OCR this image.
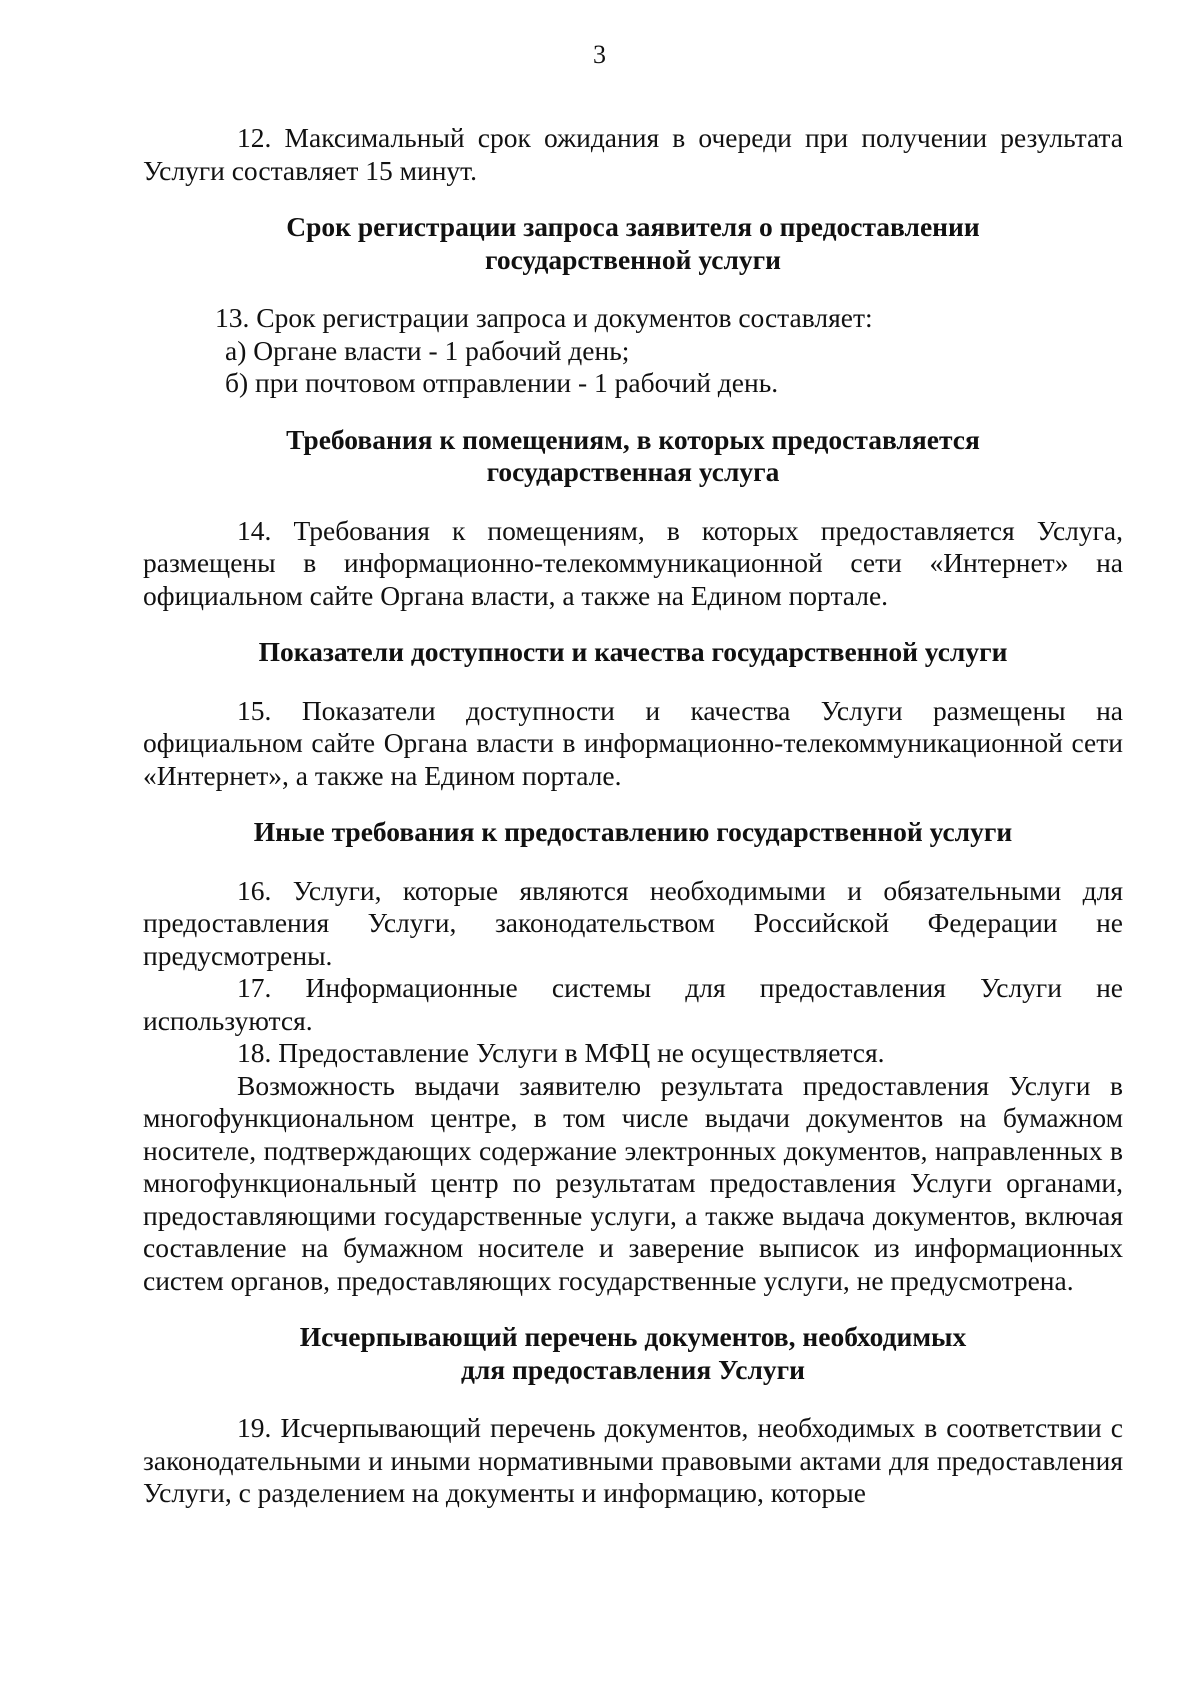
3

12. Максимальный срок ожидания в очереди при получении результата Услуги составляет 15 минут.

Срок регистрации запроса заявителя о предоставлении
государственной услуги

13. Срок регистрации запроса и документов составляет:

а) Органе власти - 1 рабочий день;

б) при почтовом отправлении - 1 рабочий день.

Требования к помещениям, в которых предоставляется
государственная услуга

14. Требования к помещениям, в которых предоставляется Услуга, размещены в информационно-телекоммуникационной сети «Интернет» на официальном сайте Органа власти, а также на Едином портале.

Показатели доступности и качества государственной услуги

15. Показатели доступности и качества Услуги размещены на официальном сайте Органа власти в информационно-телекоммуникационной сети «Интернет», а также на Едином портале.

Иные требования к предоставлению государственной услуги

16. Услуги, которые являются необходимыми и обязательными для предоставления Услуги, законодательством Российской Федерации не предусмотрены.

17. Информационные системы для предоставления Услуги не используются.

18. Предоставление Услуги в МФЦ не осуществляется.

Возможность выдачи заявителю результата предоставления Услуги в многофункциональном центре, в том числе выдачи документов на бумажном носителе, подтверждающих содержание электронных документов, направленных в многофункциональный центр по результатам предоставления Услуги органами, предоставляющими государственные услуги, а также выдача документов, включая составление на бумажном носителе и заверение выписок из информационных систем органов, предоставляющих государственные услуги, не предусмотрена.

Исчерпывающий перечень документов, необходимых
для предоставления Услуги

19. Исчерпывающий перечень документов, необходимых в соответствии с законодательными и иными нормативными правовыми актами для предоставления Услуги, с разделением на документы и информацию, которые
